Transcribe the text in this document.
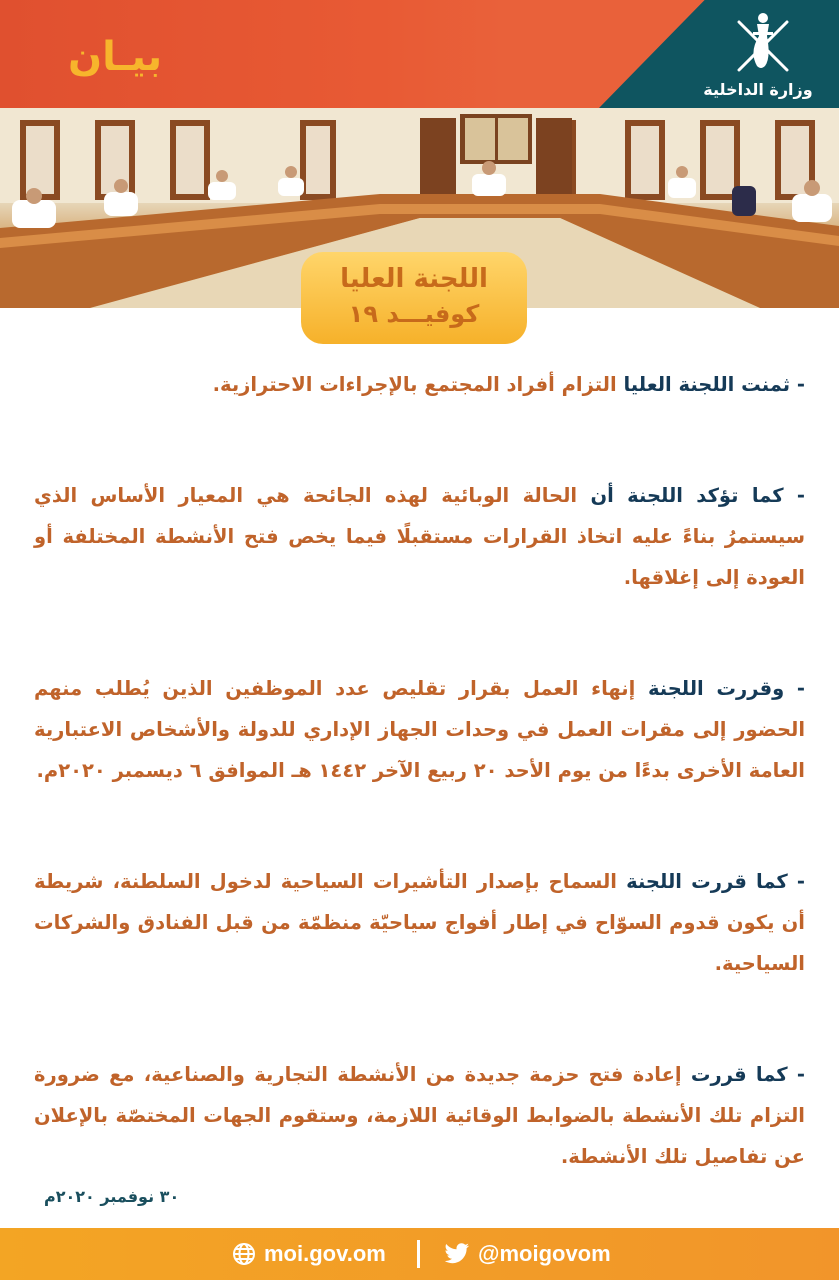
بيـان
وزارة الداخلية
اللجنة العليا
كوفيـــد ١٩

- ثمنت اللجنة العليا التزام أفراد المجتمع بالإجراءات الاحترازية.

- كما تؤكد اللجنة أن الحالة الوبائية لهذه الجائحة هي المعيار الأساس الذي سيستمرُ بناءً عليه اتخاذ القرارات مستقبلًا فيما يخص فتح الأنشطة المختلفة أو العودة إلى إغلاقها.

- وقررت اللجنة إنهاء العمل بقرار تقليص عدد الموظفين الذين يُطلب منهم الحضور إلى مقرات العمل في وحدات الجهاز الإداري للدولة والأشخاص الاعتبارية العامة الأخرى بدءًا من يوم الأحد ٢٠ ربيع الآخر ١٤٤٢ هـ الموافق ٦ ديسمبر ٢٠٢٠م.

- كما قررت اللجنة السماح بإصدار التأشيرات السياحية لدخول السلطنة، شريطة أن يكون قدوم السوّاح في إطار أفواج سياحيّة منظمّة من قبل الفنادق والشركات السياحية.

- كما قررت إعادة فتح حزمة جديدة من الأنشطة التجارية والصناعية، مع ضرورة التزام تلك الأنشطة بالضوابط الوقائية اللازمة، وستقوم الجهات المختصّة بالإعلان عن تفاصيل تلك الأنشطة.

٣٠ نوفمبر ٢٠٢٠م
moi.gov.om	@moigovom
